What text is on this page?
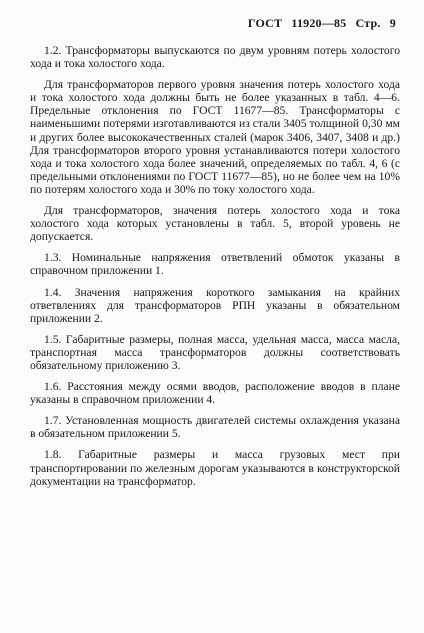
ГОСТ 11920—85 Стр. 9

1.2. Трансформаторы выпускаются по двум уровням потерь холостого хода и тока холостого хода.

Для трансформаторов первого уровня значения потерь холостого хода и тока холостого хода должны быть не более указанных в табл. 4—6. Предельные отклонения по ГОСТ 11677—85. Трансформаторы с наименьшими потерями изготавливаются из стали 3405 толщиной 0,30 мм и других более высококачественных сталей (марок 3406, 3407, 3408 и др.) Для трансформаторов второго уровня устанавливаются потери холостого хода и тока холостого хода более значений, определяемых по табл. 4, 6 (с предельными отклонениями по ГОСТ 11677—85), но не более чем на 10% по потерям холостого хода и 30% по току холостого хода.

Для трансформаторов, значения потерь холостого хода и тока холостого хода которых установлены в табл. 5, второй уровень не допускается.

1.3. Номинальные напряжения ответвлений обмоток указаны в справочном приложении 1.

1.4. Значения напряжения короткого замыкания на крайних ответвлениях для трансформаторов РПН указаны в обязательном приложении 2.

1.5. Габаритные размеры, полная масса, удельная масса, масса масла, транспортная масса трансформаторов должны соответствовать обязательному приложению 3.

1.6. Расстояния между осями вводов, расположение вводов в плане указаны в справочном приложении 4.

1.7. Установленная мощность двигателей системы охлаждения указана в обязательном приложении 5.

1.8. Габаритные размеры и масса грузовых мест при транспортировании по железным дорогам указываются в конструкторской документации на трансформатор.
